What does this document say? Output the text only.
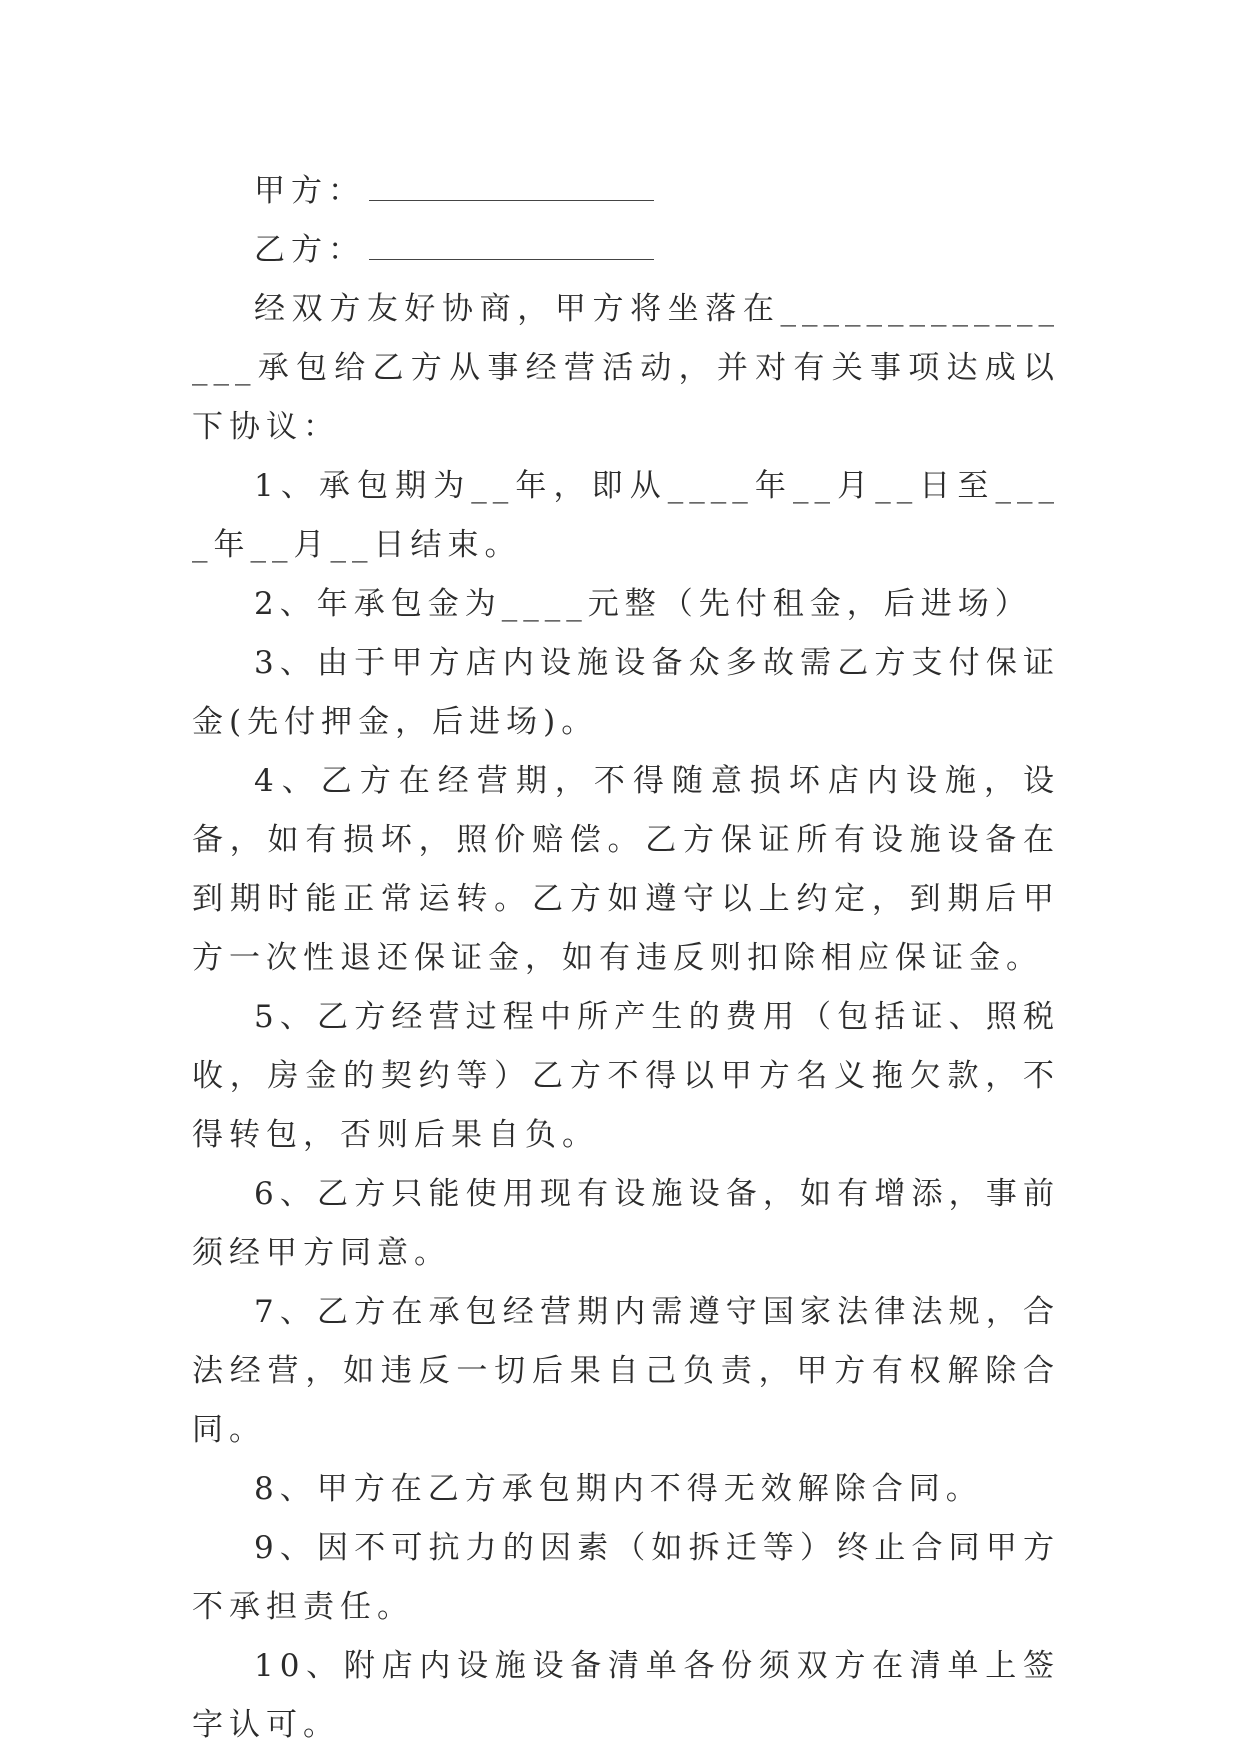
甲方：

乙方：

经双方友好协商，甲方将坐落在________________承包给乙方从事经营活动，并对有关事项达成以下协议：

1、承包期为__年，即从____年__月__日至____年__月__日结束。

2、年承包金为____元整（先付租金，后进场）

3、由于甲方店内设施设备众多故需乙方支付保证金(先付押金，后进场)。

4、乙方在经营期，不得随意损坏店内设施，设备，如有损坏，照价赔偿。乙方保证所有设施设备在到期时能正常运转。乙方如遵守以上约定，到期后甲方一次性退还保证金，如有违反则扣除相应保证金。

5、乙方经营过程中所产生的费用（包括证、照税收，房金的契约等）乙方不得以甲方名义拖欠款，不得转包，否则后果自负。

6、乙方只能使用现有设施设备，如有增添，事前须经甲方同意。

7、乙方在承包经营期内需遵守国家法律法规，合法经营，如违反一切后果自己负责，甲方有权解除合同。

8、甲方在乙方承包期内不得无效解除合同。

9、因不可抗力的因素（如拆迁等）终止合同甲方不承担责任。

10、附店内设施设备清单各份须双方在清单上签字认可。
